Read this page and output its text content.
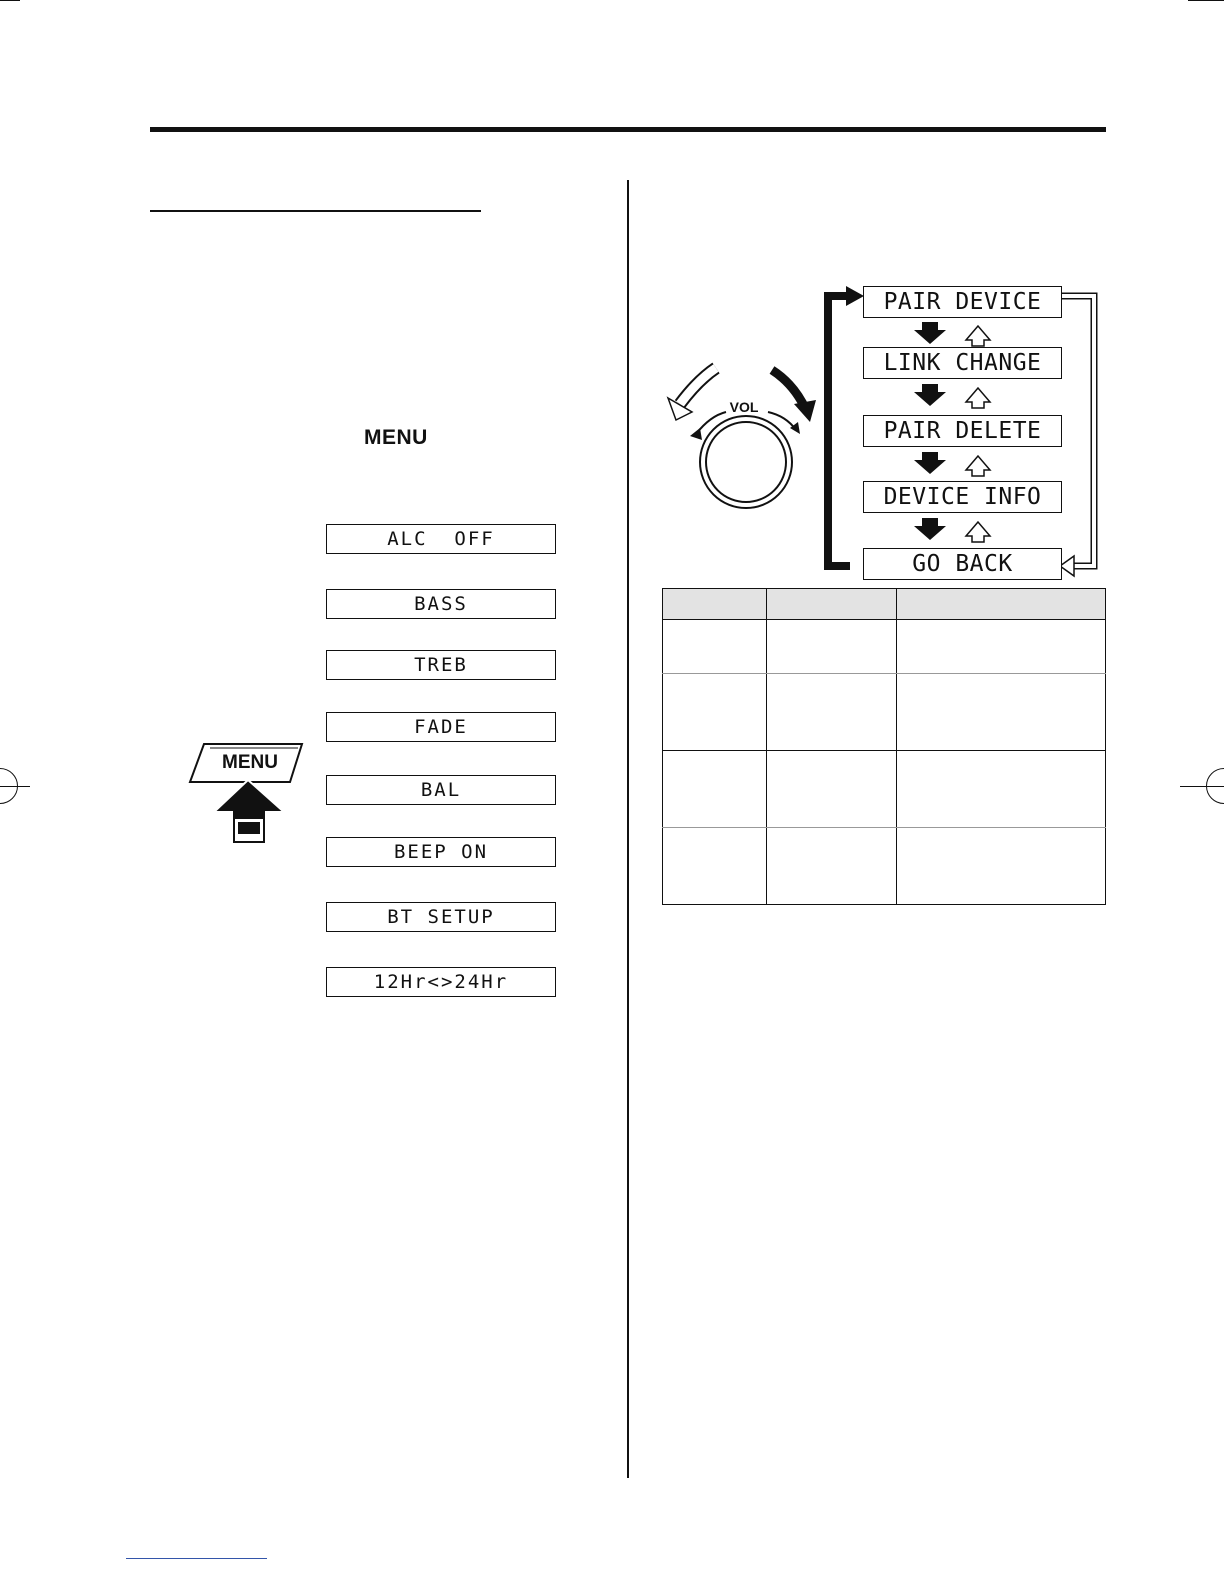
MENU
MENU
ALC  OFF
BASS
TREB
FADE
BAL
BEEP ON
BT SETUP
12Hr<>24Hr
VOL
PAIR DEVICE
LINK CHANGE
PAIR DELETE
DEVICE INFO
GO BACK
